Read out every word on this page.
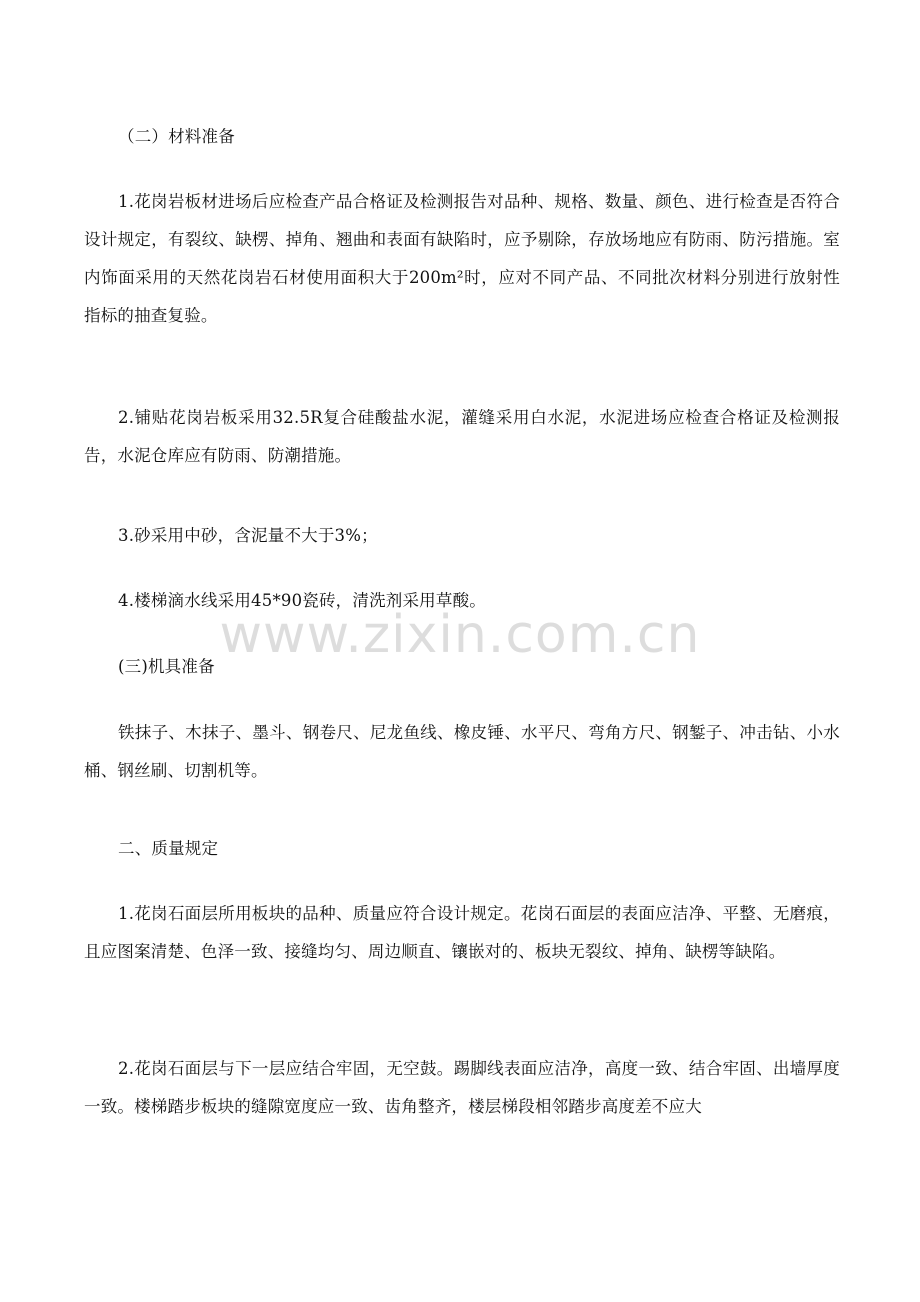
（二）材料准备

1.花岗岩板材进场后应检查产品合格证及检测报告对品种、规格、数量、颜色、进行检查是否符合设计规定，有裂纹、缺楞、掉角、翘曲和表面有缺陷时，应予剔除，存放场地应有防雨、防污措施。室内饰面采用的天然花岗岩石材使用面积大于200m²时，应对不同产品、不同批次材料分别进行放射性指标的抽查复验。

2.铺贴花岗岩板采用32.5R复合硅酸盐水泥，灌缝采用白水泥，水泥进场应检查合格证及检测报告，水泥仓库应有防雨、防潮措施。

3.砂采用中砂，含泥量不大于3%；

4.楼梯滴水线采用45*90瓷砖，清洗剂采用草酸。

(三)机具准备

铁抹子、木抹子、墨斗、钢卷尺、尼龙鱼线、橡皮锤、水平尺、弯角方尺、钢錾子、冲击钻、小水桶、钢丝刷、切割机等。

二、质量规定

1.花岗石面层所用板块的品种、质量应符合设计规定。花岗石面层的表面应洁净、平整、无磨痕，且应图案清楚、色泽一致、接缝均匀、周边顺直、镶嵌对的、板块无裂纹、掉角、缺楞等缺陷。

2.花岗石面层与下一层应结合牢固，无空鼓。踢脚线表面应洁净，高度一致、结合牢固、出墙厚度一致。楼梯踏步板块的缝隙宽度应一致、齿角整齐，楼层梯段相邻踏步高度差不应大

www.zixin.com.cn
